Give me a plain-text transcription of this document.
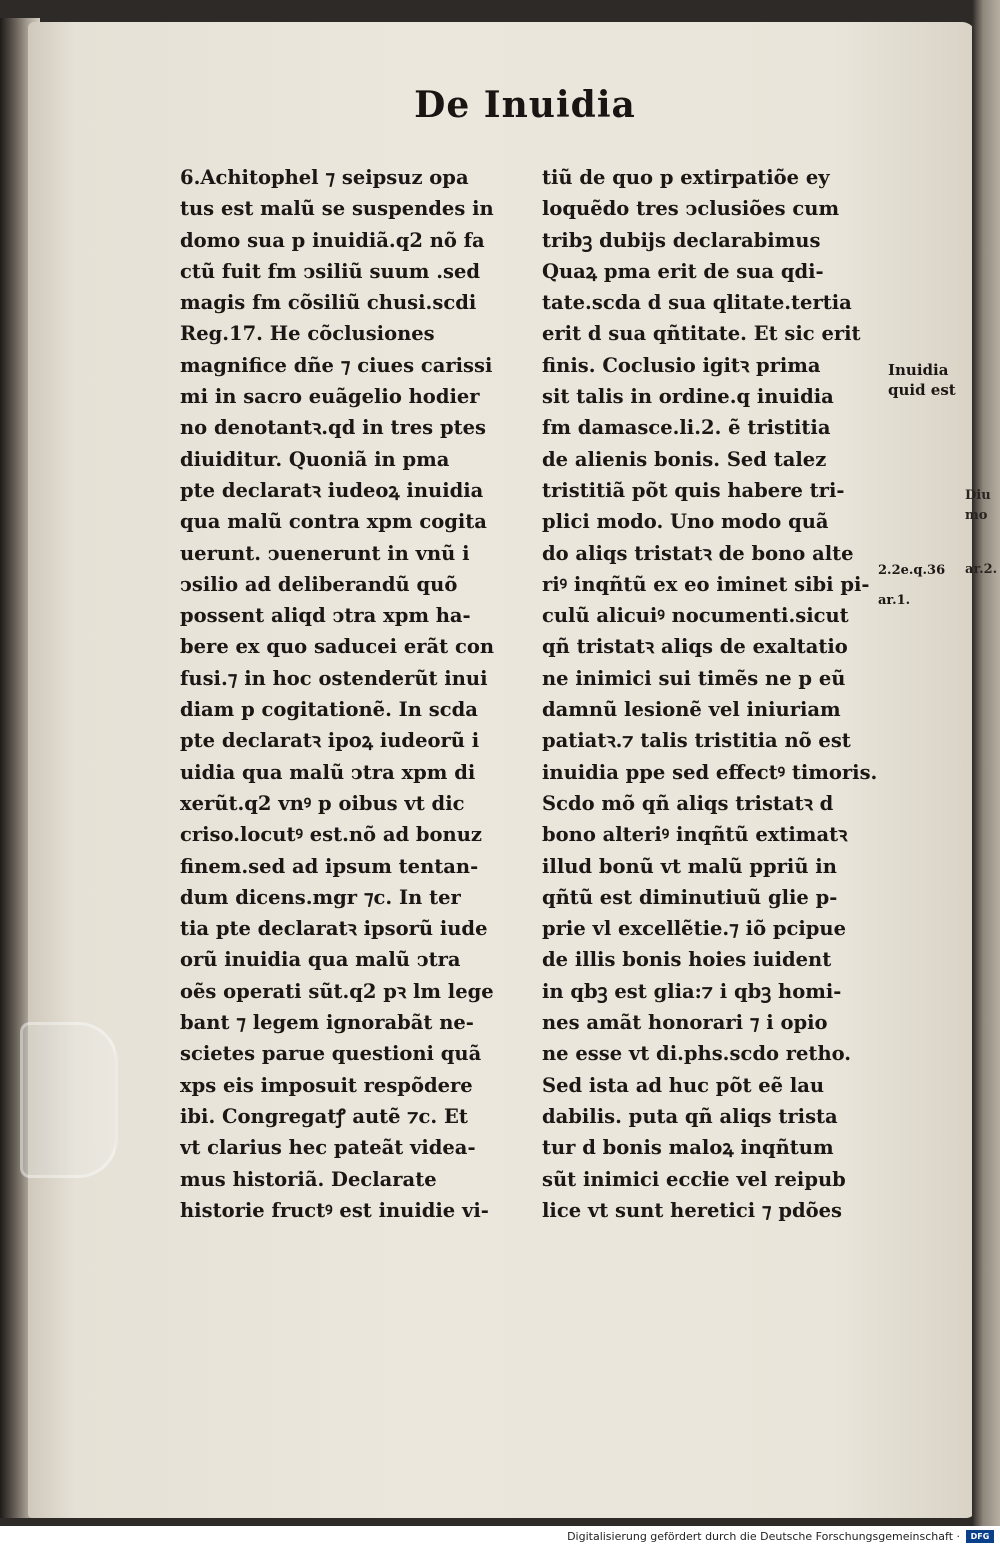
De Inuidia
6.Achitophel ⁊ seipsuz opa
tus est malũ se suspendes in
domo sua p inuidiã.q2 nõ fa
ctũ fuit fm ↄsiliũ suum .sed
magis fm cõsiliũ chusi.scdi
Reg.17. He cõclusiones
magnifice dñe ⁊ ciues carissi
mi in sacro euãgelio hodier
no denotantꝛ.qd in tres ptes
diuiditur. Quoniã in pma
pte declaratꝛ iudeoꝝ inuidia
qua malũ contra xpm cogita
uerunt. ↄuenerunt in vnũ i
ↄsilio ad deliberandũ quõ
possent aliqd ↄtra xpm ha-
bere ex quo saducei erãt con
fusi.⁊ in hoc ostenderũt inui
diam p cogitationẽ. In scda
pte declaratꝛ ipoꝝ iudeorũ i
uidia qua malũ ↄtra xpm di
xerũt.q2 vnꝰ p oibus vt dic
criso.locutꝰ est.nõ ad bonuz
finem.sed ad ipsum tentan-
dum dicens.mgr ⁊c. In ter
tia pte declaratꝛ ipsorũ iude
orũ inuidia qua malũ ↄtra
oẽs operati sũt.q2 pꝛ lm lege
bant ⁊ legem ignorabãt ne-
scietes parue questioni quã
xps eis imposuit respõdere
ibi. Congregatꝭ autẽ ⁊c. Et
vt clarius hec pateãt videa-
mus historiã. Declarate
historie fructꝰ est inuidie vi-
tiũ de quo p extirpatiõe ey
loquẽdo tres ↄclusiões cum
tribꝫ dubijs declarabimus
Quaꝝ pma erit de sua qdi-
tate.scda d sua qlitate.tertia
erit d sua qñtitate. Et sic erit
finis. Coclusio igitꝛ prima
sit talis in ordine.q inuidia
fm damasce.li.2. ẽ tristitia
de alienis bonis. Sed talez
tristitiã põt quis habere tri-
plici modo. Uno modo quã
do aliqs tristatꝛ de bono alte
riꝰ inqñtũ ex eo iminet sibi pi-
culũ alicuiꝰ nocumenti.sicut
qñ tristatꝛ aliqs de exaltatio
ne inimici sui timẽs ne p eũ
damnũ lesionẽ vel iniuriam
patiatꝛ.⁊ talis tristitia nõ est
inuidia ppe sed effectꝰ timoris.
Scdo mõ qñ aliqs tristatꝛ d
bono alteriꝰ inqñtũ extimatꝛ
illud bonũ vt malũ ppriũ in
qñtũ est diminutiuũ glie p-
prie vl excellẽtie.⁊ iõ pcipue
de illis bonis hoies iuident
in qbꝫ est glia:⁊ i qbꝫ homi-
nes amãt honorari ⁊ i opio
ne esse vt di.phs.scdo retho.
Sed ista ad huc põt eẽ lau
dabilis. puta qñ aliqs trista
tur d bonis maloꝝ inqñtum
sũt inimici eccłie vel reipub
lice vt sunt heretici ⁊ pdões
Inuidia
quid est
2.2e.q.36
ar.1.
Diu
mo
ar.2.
Digitalisierung gefördert durch die Deutsche Forschungsgemeinschaft ·	DFG
